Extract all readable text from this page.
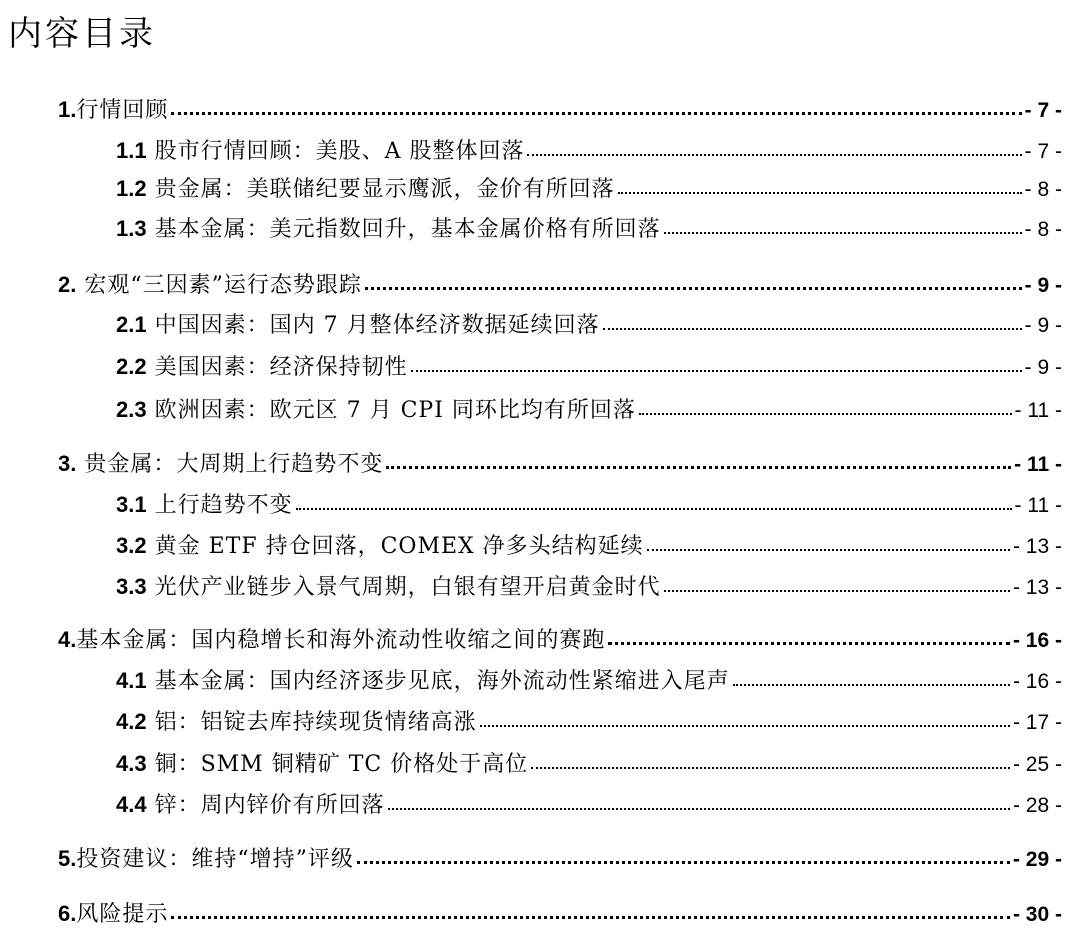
内容目录
1.行情回顾	- 7 -
1.1 股市行情回顾：美股、A 股整体回落	- 7 -
1.2 贵金属：美联储纪要显示鹰派，金价有所回落	- 8 -
1.3 基本金属：美元指数回升，基本金属价格有所回落	- 8 -
2. 宏观“三因素”运行态势跟踪	- 9 -
2.1 中国因素：国内 7 月整体经济数据延续回落	- 9 -
2.2 美国因素：经济保持韧性	- 9 -
2.3 欧洲因素：欧元区 7 月 CPI 同环比均有所回落	- 11 -
3. 贵金属：大周期上行趋势不变	- 11 -
3.1 上行趋势不变	- 11 -
3.2 黄金 ETF 持仓回落，COMEX 净多头结构延续	- 13 -
3.3 光伏产业链步入景气周期，白银有望开启黄金时代	- 13 -
4.基本金属：国内稳增长和海外流动性收缩之间的赛跑	- 16 -
4.1 基本金属：国内经济逐步见底，海外流动性紧缩进入尾声	- 16 -
4.2 铝：铝锭去库持续现货情绪高涨	- 17 -
4.3 铜：SMM 铜精矿 TC 价格处于高位	- 25 -
4.4 锌：周内锌价有所回落	- 28 -
5.投资建议：维持“增持”评级	- 29 -
6.风险提示	- 30 -
